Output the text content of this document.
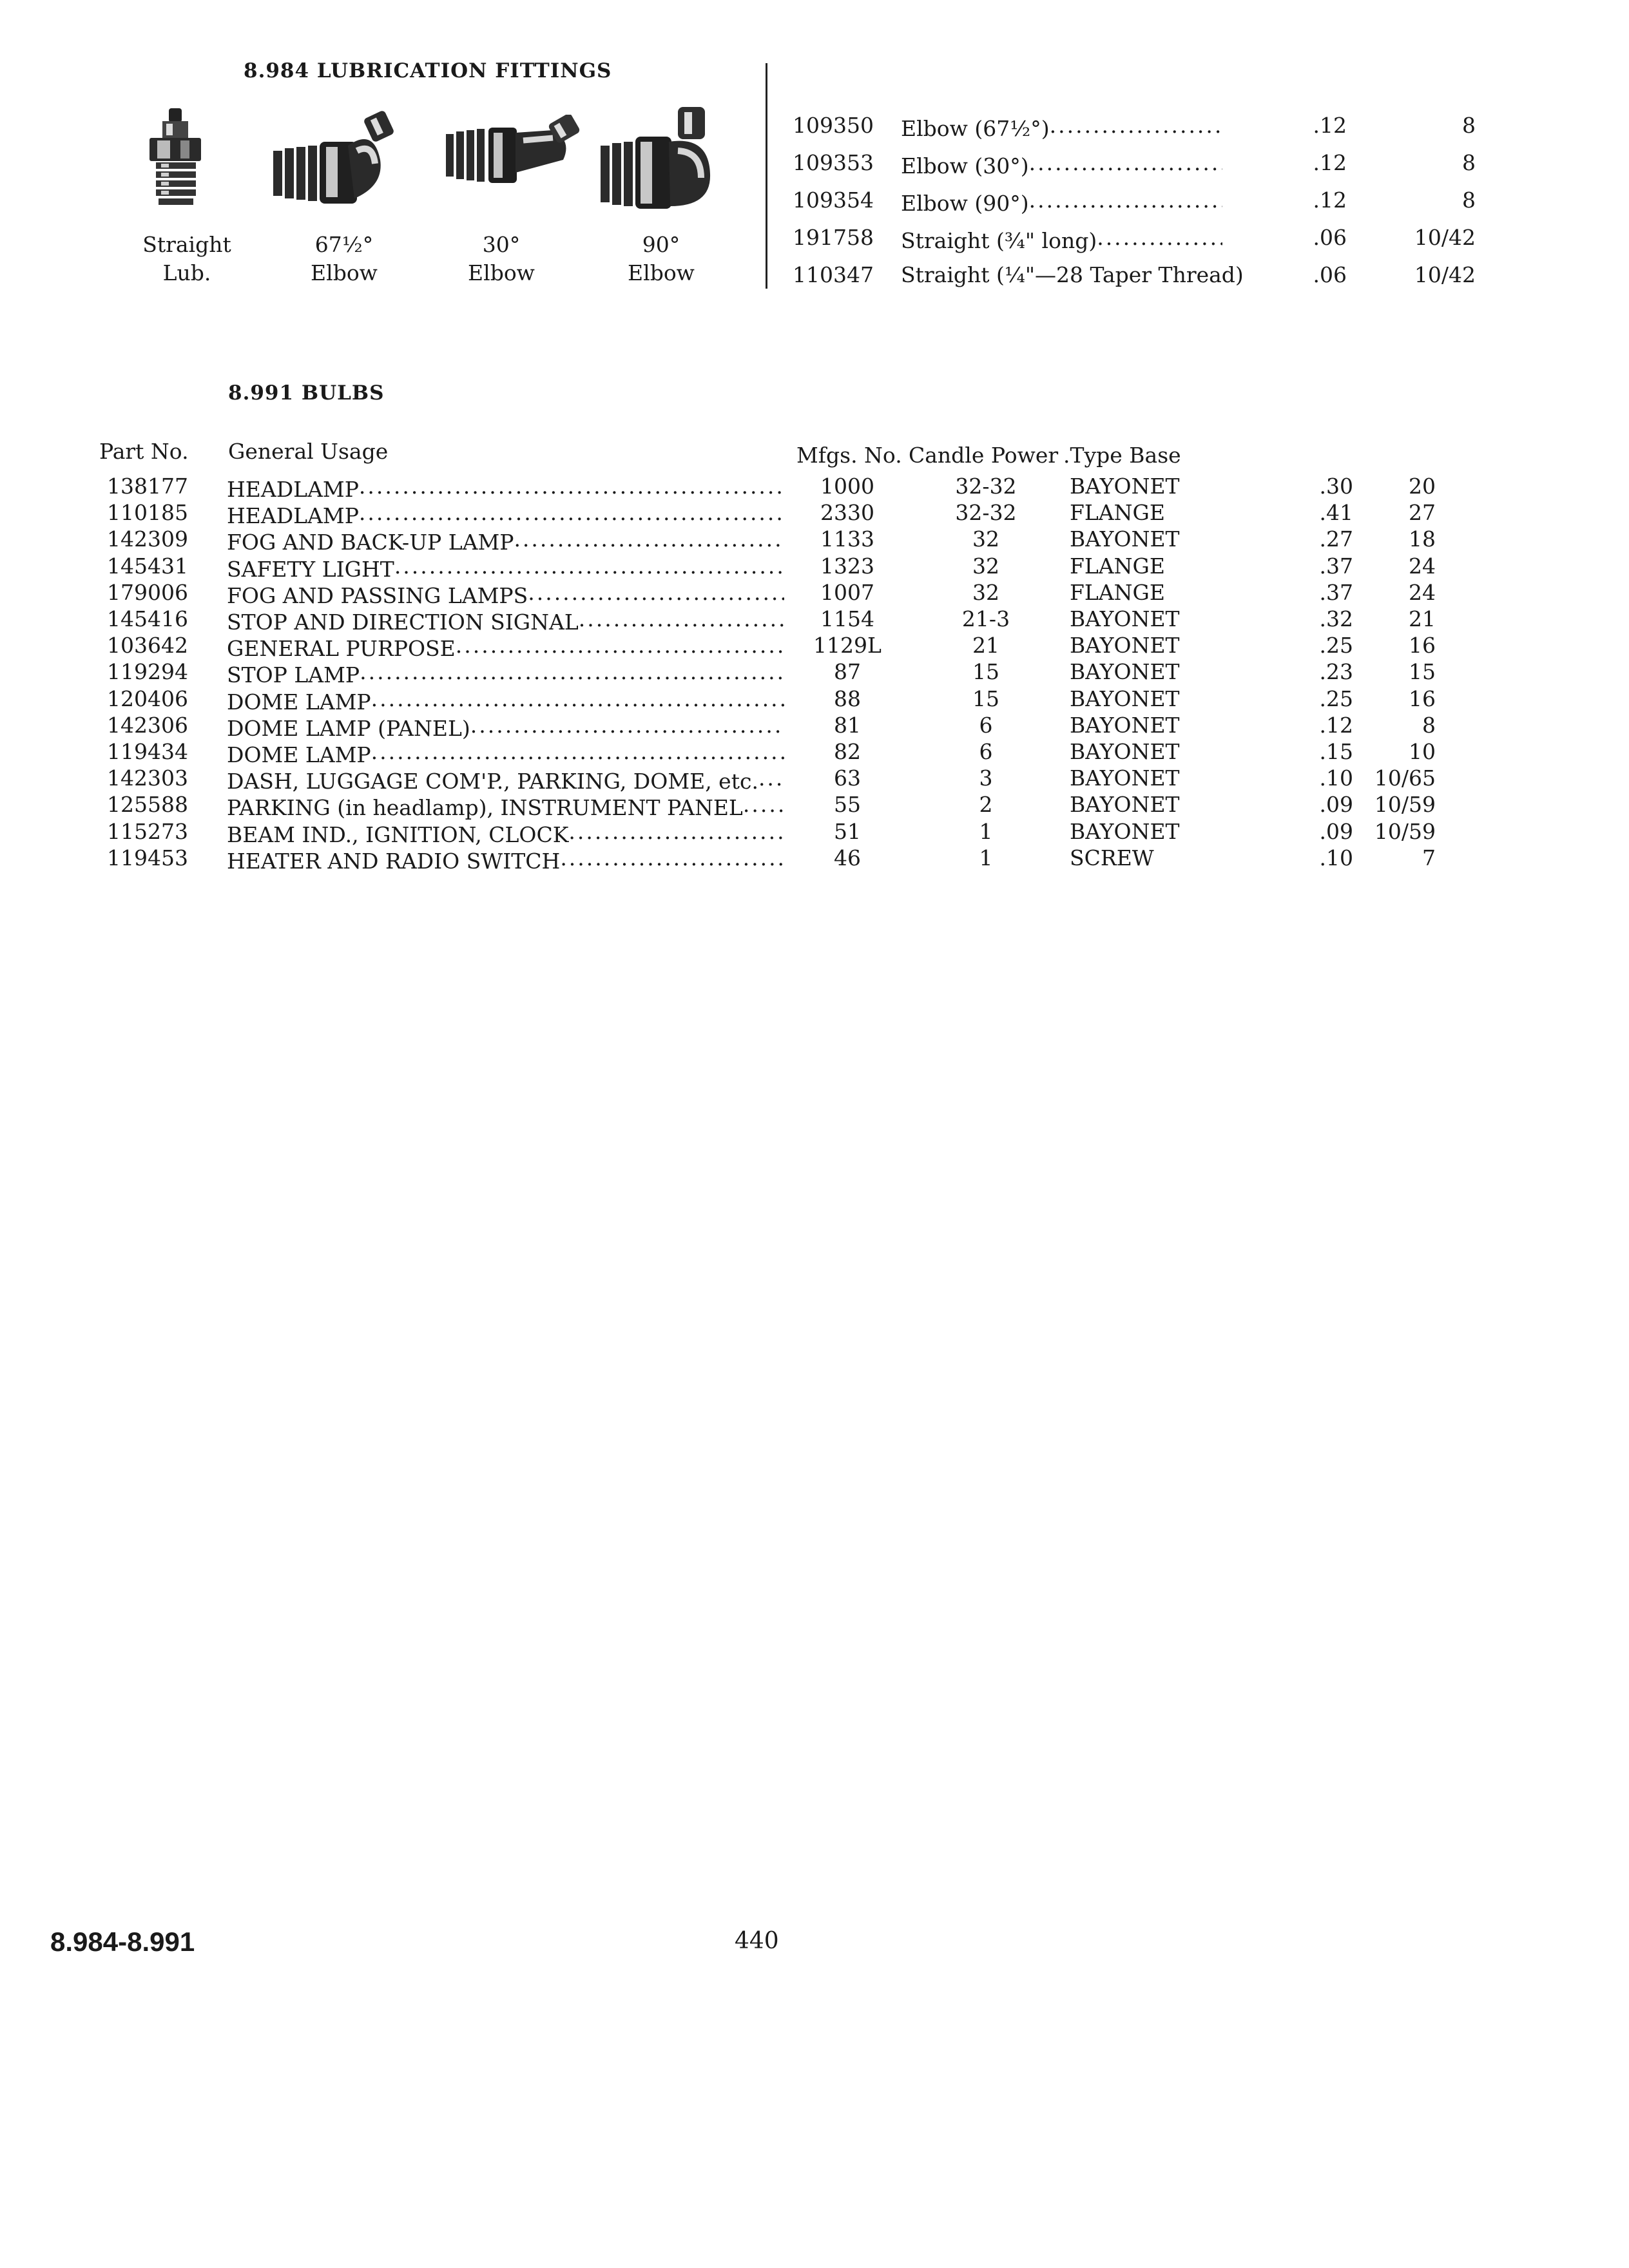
8.984 LUBRICATION FITTINGS
Straight
Lub.
67½°
Elbow
30°
Elbow
90°
Elbow
109350 Elbow (67½°) .....	.12	8
109353 Elbow (30°) .....	.12	8
109354 Elbow (90°) .....	.12	8
191758 Straight (¾" long) .....	.06	10/42
110347 Straight (¼"—28 Taper Thread)	.06	10/42
8.991 BULBS
Part No. General Usage	Mfgs. No. Candle Power .Type Base
138177 HEADLAMP .....	1000	32-32	BAYONET	.30	20
110185 HEADLAMP .....	2330	32-32	FLANGE	.41	27
142309 FOG AND BACK-UP LAMP .....	1133	32	BAYONET	.27	18
145431 SAFETY LIGHT .....	1323	32	FLANGE	.37	24
179006 FOG AND PASSING LAMPS .....	1007	32	FLANGE	.37	24
145416 STOP AND DIRECTION SIGNAL .....	1154	21-3	BAYONET	.32	21
103642 GENERAL PURPOSE .....	1129L	21	BAYONET	.25	16
119294 STOP LAMP .....	87	15	BAYONET	.23	15
120406 DOME LAMP .....	88	15	BAYONET	.25	16
142306 DOME LAMP (PANEL) .....	81	6	BAYONET	.12	8
119434 DOME LAMP .....	82	6	BAYONET	.15	10
142303 DASH, LUGGAGE COM'P., PARKING, DOME, etc. .....	63	3	BAYONET	.10 10/65
125588 PARKING (in headlamp), INSTRUMENT PANEL .....	55	2	BAYONET	.09 10/59
115273 BEAM IND., IGNITION, CLOCK .....	51	1	BAYONET	.09 10/59
119453 HEATER AND RADIO SWITCH .....	46	1	SCREW	.10	7
8.984-8.991	440
